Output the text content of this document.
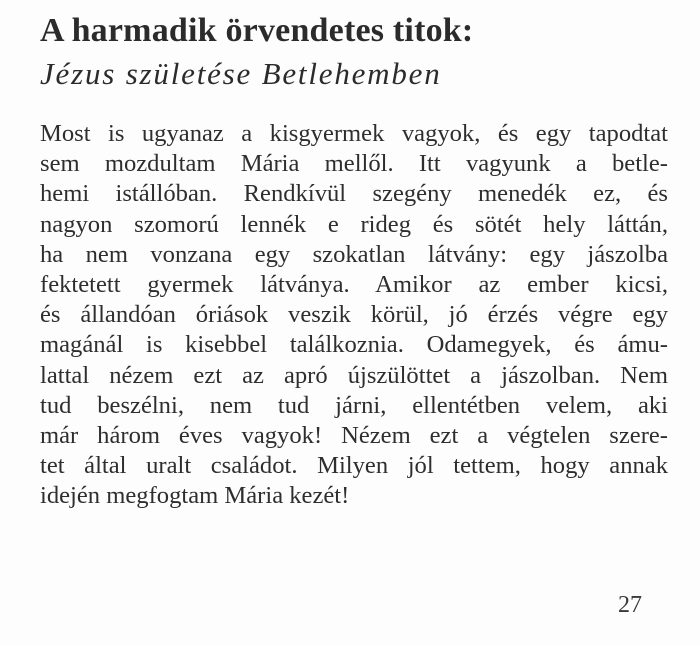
A harmadik örvendetes titok:
Jézus születése Betlehemben
Most is ugyanaz a kisgyermek vagyok, és egy tapodtat
sem mozdultam Mária mellől. Itt vagyunk a betle-
hemi istállóban. Rendkívül szegény menedék ez, és
nagyon szomorú lennék e rideg és sötét hely láttán,
ha nem vonzana egy szokatlan látvány: egy jászolba
fektetett gyermek látványa. Amikor az ember kicsi,
és állandóan óriások veszik körül, jó érzés végre egy
magánál is kisebbel találkoznia. Odamegyek, és ámu-
lattal nézem ezt az apró újszülöttet a jászolban. Nem
tud beszélni, nem tud járni, ellentétben velem, aki
már három éves vagyok! Nézem ezt a végtelen szere-
tet által uralt családot. Milyen jól tettem, hogy annak
idején megfogtam Mária kezét!
27
